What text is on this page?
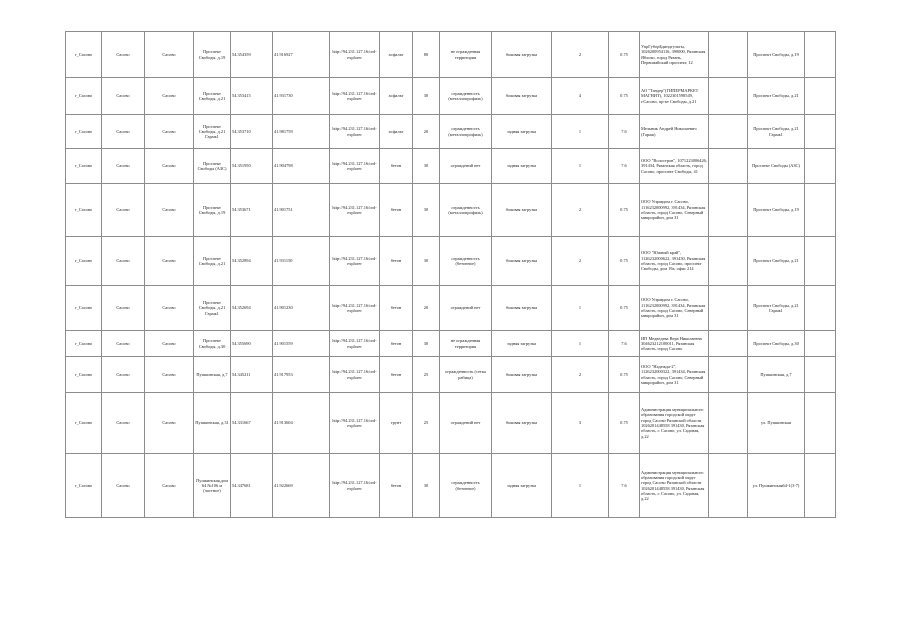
г_Сасово	Сасово	Сасово	Проспект Свободы, д.19	54.354359	41.916927	http://94.231.127.16/ord-explorer	асфальт	80	не огражденная территория	боковая загрузка	2	0.75	УпрГуборБдиндгульты, 1026200954116, 390000, Рязанская Яблоко, город Рязань, Первомайский проспект, 12		Проспект Свободы, д.19	
г_Сасово	Сасово	Сасово	Проспект Свободы, д.21	54.353415	41.931730	http://94.231.127.16/ord-explorer	асфальт	30	огражденность (металлопрофиль)	боковая загрузка	4	0.75	АО "Тандер"(ГИПЕРМАРКЕТ МАГНИТ), 1022301598549, г.Сасово, пр-кт Свободы, д.21		Проспект Свободы, д.21	
г_Сасово	Сасово	Сасово	Проспект Свободы, д.21 Гараж1	54.353710	41.981759	http://94.231.127.16/ord-explorer	асфальт	20	огражденность (металлопрофиль)	задняя загрузка	1	7.6	Мельник Андрей Николаевич (Гараж)		Проспект Свободы, д.21 Гараж1	
г_Сасово	Сасово	Сасово	Проспект Свободы (АЗС)	54.351950	41.904798	http://94.231.127.16/ord-explorer	бетон	30	ограждений нет	задняя загрузка	1	7.6	ООО "Волостров", 1071223006426, 391434, Рязанская область, город Сасово, проспект Свободы, 41		Проспект Свободы (АЗС)	
г_Сасово	Сасово	Сасово	Проспект Свободы, д.19	54.353671	41.901751	http://94.231.127.16/ord-explorer	бетон	30	огражденность (металлопрофиль)	боковая загрузка	2	0.75	ООО Управдом г. Сасово, 1116232000992, 391434, Рязанская область, город Сасово, Северный микрорайон, дом 31		Проспект Свободы, д.19	
г_Сасово	Сасово	Сасово	Проспект Свободы, д.21	54.352894	41.931150	http://94.231.127.16/ord-explorer	бетон	30	огражденность (бетонное)	боковая загрузка	2	0.75	ООО "Южный край", 1126232000622, 391430, Рязанская область, город Сасово, проспект Свободы, дом 19а, офис 214		Проспект Свободы, д.21	
г_Сасово	Сасово	Сасово	Проспект Свободы, д.21 Гараж1	54.352694	41.901230	http://94.231.127.16/ord-explorer	бетон	20	ограждений нет	боковая загрузка	1	0.75	ООО Управдом г. Сасово, 1116232000992, 391434, Рязанская область, город Сасово, Северный микрорайон, дом 31		Проспект Свободы, д.21 Гараж1	
г_Сасово	Сасово	Сасово	Проспект Свободы, д.30	54.355690	41.901559	http://94.231.127.16/ord-explorer	бетон	30	не огражденная территория	задняя загрузка	1	7.6	ИП Медведева Вера Николаевна 304623212100011, Рязанская область, город Сасово		Проспект Свободы, д.30	
г_Сасово	Сасово	Сасово	Пушкинская, д.7	54.345211	41.917953	http://94.231.127.16/ord-explorer	бетон	25	огражденность (сетка рабица)	боковая загрузка	2	0.75	ООО "Надежда-2", 1126232000322, 391434, Рязанская область, город Сасово, Северный микрорайон, дом 31		Пушкинская, д.7	
г_Сасово	Сасово	Сасово	Пушкинская, д.31	54.331667	41.913604	http://94.231.127.16/ord-explorer	грунт	25	ограждений нет	боковая загрузка	3	0.75	Администрация муниципального образования городской округ город Сасово Рязанской области 1026201448558 391430, Рязанская область, г. Сасово, ул. Садовая, д.22		ул. Пушкинская	
г_Сасово	Сасово	Сасово	Пушкинская,дом 64 №106 м (частное)	54.347681	41.922669	http://94.231.127.16/ord-explorer	бетон	30	огражденность (бетонное)	задняя загрузка	1	7.6	Администрация муниципального образования городской округ город Сасово Рязанской области 1026201448558 391430, Рязанская область, г. Сасово, ул. Садовая, д.22		ул. Пушкинская64-1(3-7)	
